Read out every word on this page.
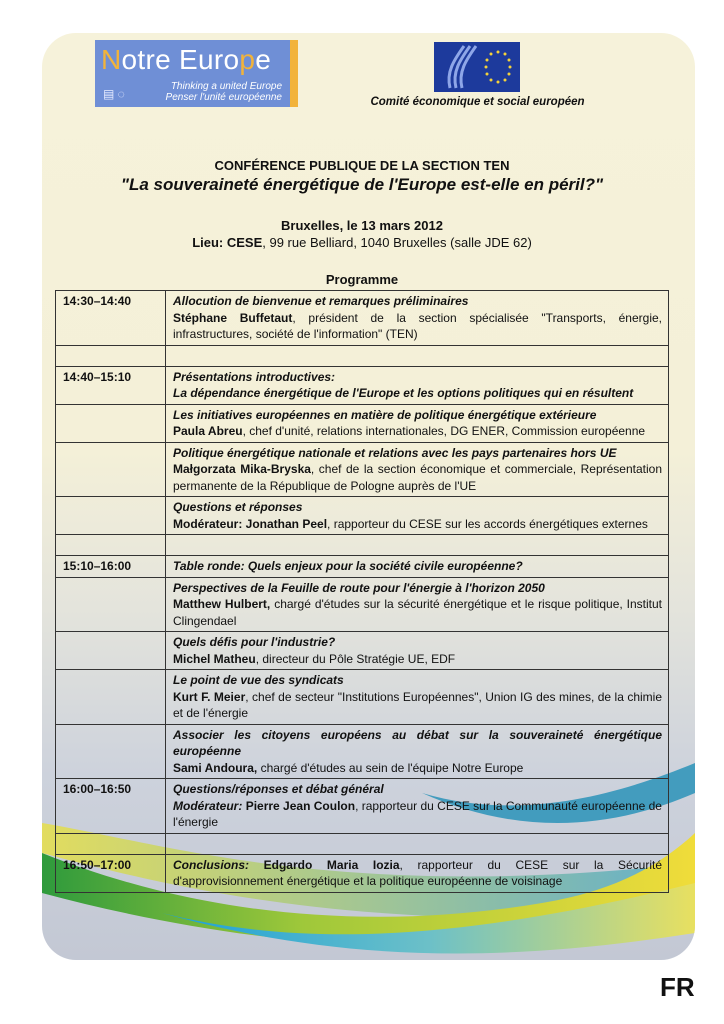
Notre Europe
▤ ◌
Thinking a united Europe
Penser l'unité européenne	Comité économique et social européen
CONFÉRENCE PUBLIQUE DE LA SECTION TEN
"La souveraineté énergétique de l'Europe est-elle en péril?"
Bruxelles, le 13 mars 2012
Lieu: CESE, 99 rue Belliard, 1040 Bruxelles (salle JDE 62)
Programme
14:30–14:40	Allocution de bienvenue et remarques préliminaires
Stéphane Buffetaut, président de la section spécialisée "Transports, énergie, infrastructures, société de l'information" (TEN)

14:40–15:10	Présentations introductives:
La dépendance énergétique de l'Europe et les options politiques qui en résultent

	Les initiatives européennes en matière de politique énergétique extérieure
Paula Abreu, chef d'unité, relations internationales, DG ENER, Commission européenne

	Politique énergétique nationale et relations avec les pays partenaires hors UE
Małgorzata Mika-Bryska, chef de la section économique et commerciale, Représentation permanente de la République de Pologne auprès de l'UE

	Questions et réponses
Modérateur: Jonathan Peel, rapporteur du CESE sur les accords énergétiques externes

15:10–16:00	Table ronde: Quels enjeux pour la société civile européenne?

	Perspectives de la Feuille de route pour l'énergie à l'horizon 2050
Matthew Hulbert, chargé d'études sur la sécurité énergétique et le risque politique, Institut Clingendael

	Quels défis pour l'industrie?
Michel Matheu, directeur du Pôle Stratégie UE, EDF

	Le point de vue des syndicats
Kurt F. Meier, chef de secteur "Institutions Européennes", Union IG des mines, de la chimie et de l'énergie

	Associer les citoyens européens au débat sur la souveraineté énergétique européenne
Sami Andoura, chargé d'études au sein de l'équipe Notre Europe
16:00–16:50	Questions/réponses et débat général
Modérateur: Pierre Jean Coulon, rapporteur du CESE sur la Communauté européenne de l'énergie

16:50–17:00	Conclusions: Edgardo Maria Iozia, rapporteur du CESE sur la Sécurité d'approvisionnement énergétique et la politique européenne de voisinage
FR
